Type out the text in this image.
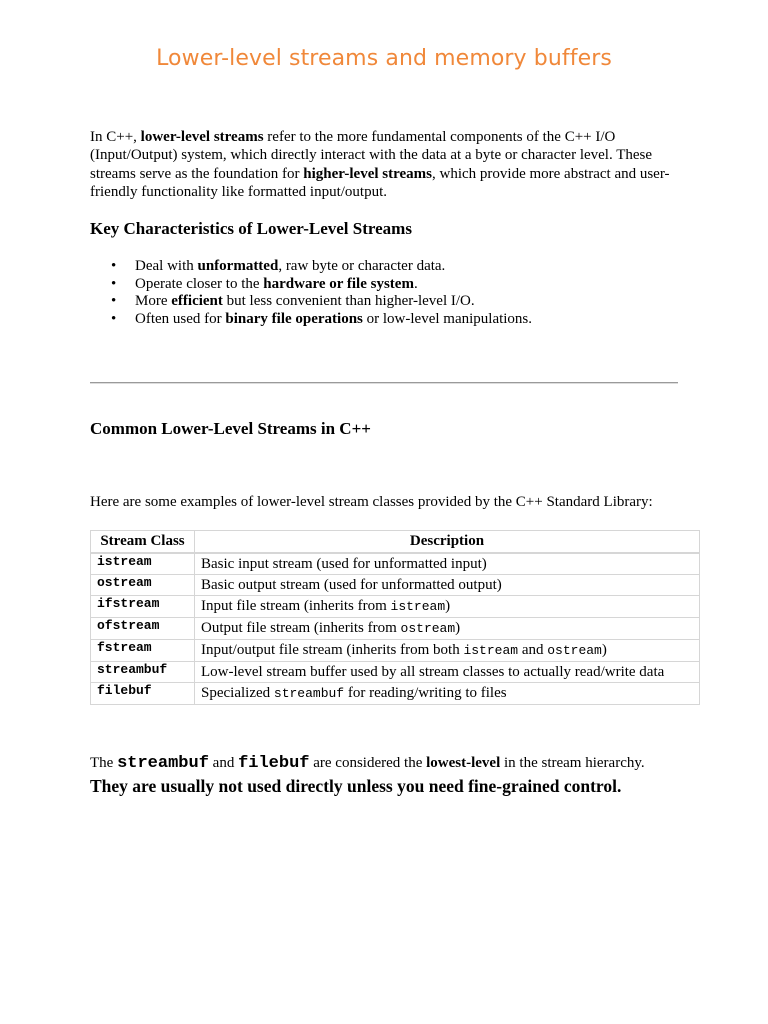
Lower-level streams and memory buffers

In C++, lower-level streams refer to the more fundamental components of the C++ I/O (Input/Output) system, which directly interact with the data at a byte or character level. These streams serve as the foundation for higher-level streams, which provide more abstract and user-friendly functionality like formatted input/output.

Key Characteristics of Lower-Level Streams
• Deal with unformatted, raw byte or character data.
• Operate closer to the hardware or file system.
• More efficient but less convenient than higher-level I/O.
• Often used for binary file operations or low-level manipulations.
Common Lower-Level Streams in C++

Here are some examples of lower-level stream classes provided by the C++ Standard Library:

Stream Class	Description
istream	Basic input stream (used for unformatted input)
ostream	Basic output stream (used for unformatted output)
ifstream	Input file stream (inherits from istream)
ofstream	Output file stream (inherits from ostream)
fstream	Input/output file stream (inherits from both istream and ostream)
streambuf	Low-level stream buffer used by all stream classes to actually read/write data
filebuf	Specialized streambuf for reading/writing to files

The streambuf and filebuf are considered the lowest-level in the stream hierarchy.

They are usually not used directly unless you need fine-grained control.
